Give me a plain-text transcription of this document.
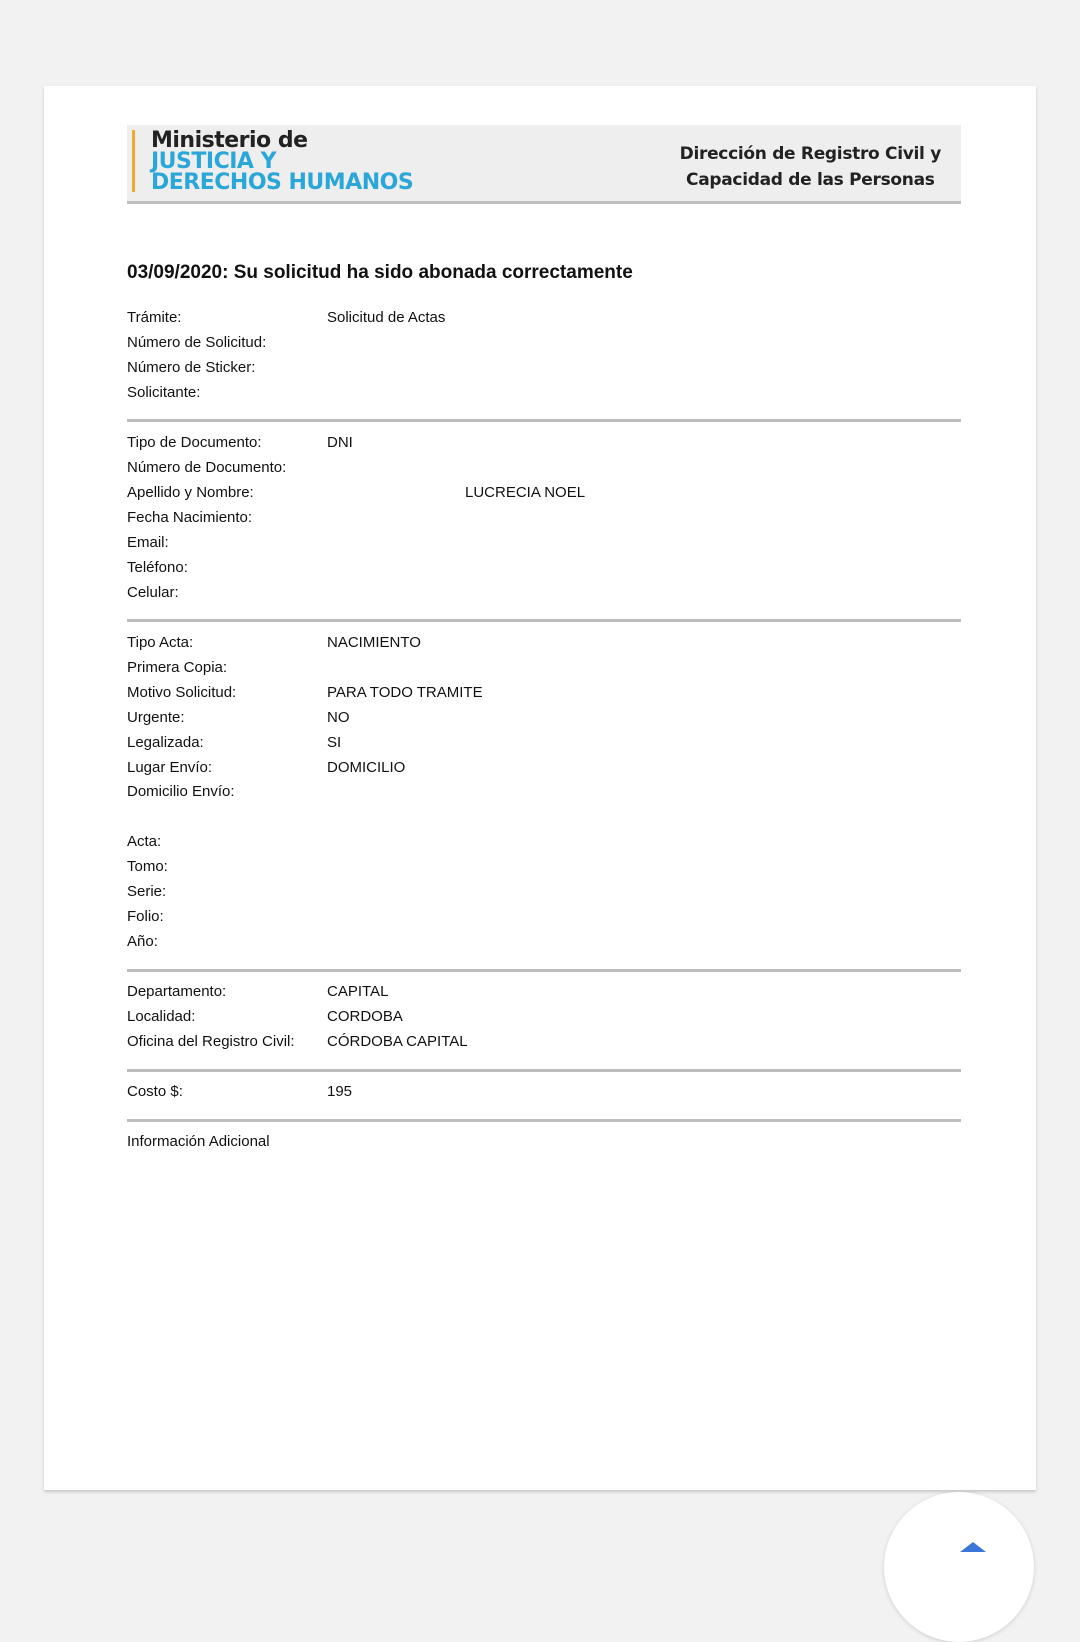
Ministerio de
JUSTICIA Y
DERECHOS HUMANOS
Dirección de Registro Civil y
Capacidad de las Personas
03/09/2020: Su solicitud ha sido abonada correctamente
Trámite:	Solicitud de Actas
Número de Solicitud:
Número de Sticker:
Solicitante:
Tipo de Documento:	DNI
Número de Documento:
Apellido y Nombre:	LUCRECIA NOEL
Fecha Nacimiento:
Email:
Teléfono:
Celular:
Tipo Acta:	NACIMIENTO
Primera Copia:
Motivo Solicitud:	PARA TODO TRAMITE
Urgente:	NO
Legalizada:	SI
Lugar Envío:	DOMICILIO
Domicilio Envío:
Acta:
Tomo:
Serie:
Folio:
Año:
Departamento:	CAPITAL
Localidad:	CORDOBA
Oficina del Registro Civil: CÓRDOBA CAPITAL
Costo $:	195
Información Adicional
